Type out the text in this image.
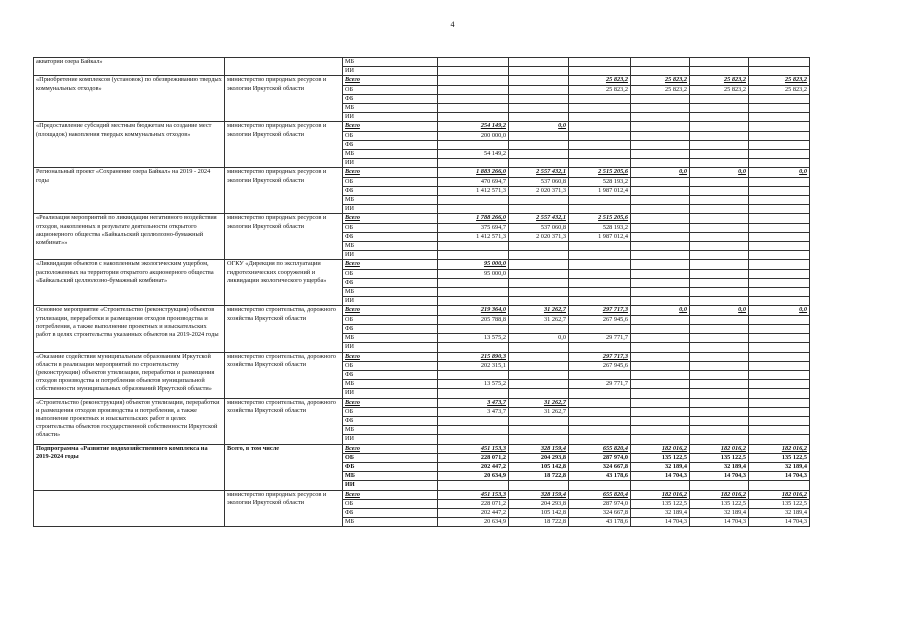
4
акватории озера Байкал»		МБ						
		ИИ						
«Приобретение комплексов (установок) по обезвреживанию твердых коммунальных отходов»	министерство природных ресурсов и экологии Иркутской области	Всего			25 823,2	25 823,2	25 823,2	25 823,2
		ОБ			25 823,2	25 823,2	25 823,2	25 823,2
		ФБ						
		МБ						
		ИИ						
«Предоставление субсидий местным бюджетам на создание мест (площадок) накопления твердых коммунальных отходов»	министерство природных ресурсов и экологии Иркутской области	Всего	254 149,2	0,0				
		ОБ	200 000,0					
		ФБ						
		МБ	54 149,2					
		ИИ						
Региональный проект «Сохранение озера Байкал» на 2019 - 2024 годы	министерство природных ресурсов и экологии Иркутской области	Всего	1 883 266,0	2 557 432,1	2 515 205,6	0,0	0,0	0,0
		ОБ	470 694,7	537 060,8	528 193,2			
		ФБ	1 412 571,3	2 020 371,3	1 987 012,4			
		МБ						
		ИИ						
«Реализация мероприятий по ликвидации негативного воздействия отходов, накопленных в результате деятельности открытого акционерного общества «Байкальский целлюлозно-бумажный комбинат»»	министерство природных ресурсов и экологии Иркутской области	Всего	1 788 266,0	2 557 432,1	2 515 205,6			
		ОБ	375 694,7	537 060,8	528 193,2			
		ФБ	1 412 571,3	2 020 371,3	1 987 012,4			
		МБ						
		ИИ						
«Ликвидация объектов с накопленным экологическим ущербом, расположенных на территории открытого акционерного общества «Байкальский целлюлозно-бумажный комбинат»	ОГКУ «Дирекция по эксплуатации гидротехнических сооружений и ликвидации экологического ущерба»	Всего	95 000,0					
		ОБ	95 000,0					
		ФБ						
		МБ						
		ИИ						
Основное мероприятие «Строительство (реконструкция) объектов утилизации, переработки и размещения отходов производства и потребления, а также выполнение проектных и изыскательских работ в целях строительства указанных объектов на 2019-2024 годы	министерство строительства, дорожного хозяйства Иркутской области	Всего	219 364,0	31 262,7	297 717,3	0,0	0,0	0,0
		ОБ	205 788,8	31 262,7	267 945,6			
		ФБ						
		МБ	13 575,2	0,0	29 771,7			
		ИИ						
«Оказание содействия муниципальным образованиям Иркутской области в реализации мероприятий по строительству (реконструкции) объектов утилизации, переработки и размещения отходов производства и потребления объектов муниципальной собственности муниципальных образований Иркутской области»	министерство строительства, дорожного хозяйства Иркутской области	Всего	215 890,3		297 717,3			
		ОБ	202 315,1		267 945,6			
		ФБ						
		МБ	13 575,2		29 771,7			
		ИИ						
«Строительство (реконструкция) объектов утилизации, переработки и размещения отходов производства и потребления, а также выполнение проектных и изыскательских работ в целях строительства объектов государственной собственности Иркутской области»	министерство строительства, дорожного хозяйства Иркутской области	Всего	3 473,7	31 262,7				
		ОБ	3 473,7	31 262,7				
		ФБ						
		МБ						
		ИИ						
Подпрограмма «Развитие водохозяйственного комплекса на 2019-2024 годы	Всего, в том числе	Всего	451 153,3	328 159,4	655 820,4	182 016,2	182 016,2	182 016,2
		ОБ	228 071,2	204 293,8	287 974,0	135 122,5	135 122,5	135 122,5
		ФБ	202 447,2	105 142,8	324 667,8	32 189,4	32 189,4	32 189,4
		МБ	20 634,9	18 722,8	43 178,6	14 704,3	14 704,3	14 704,3
		ИИ						
	министерство природных ресурсов и экологии Иркутской области	Всего	451 153,3	328 159,4	655 820,4	182 016,2	182 016,2	182 016,2
		ОБ	228 071,2	204 293,8	287 974,0	135 122,5	135 122,5	135 122,5
		ФБ	202 447,2	105 142,8	324 667,8	32 189,4	32 189,4	32 189,4
		МБ	20 634,9	18 722,8	43 178,6	14 704,3	14 704,3	14 704,3
